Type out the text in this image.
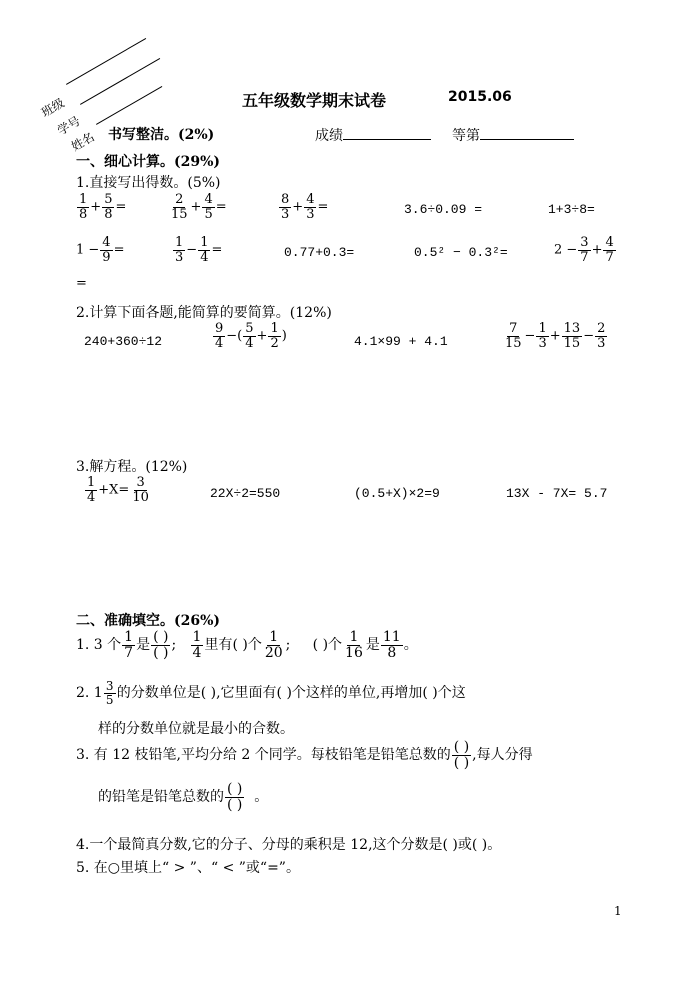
班级
学号
姓名
五年级数学期末试卷	2015.06
书写整洁。(2%)	成绩	等第
一、细心计算。(29%)
1.直接写出得数。(5%)
$\frac{1}{8} + \frac{5}{8}$ =	$\frac{2}{15} + \frac{4}{5}$ =	$\frac{8}{3} + \frac{4}{3}$ =	3.6÷0.09 =	1+3÷8=
$1 - \frac{4}{9}$ =	$\frac{1}{3} - \frac{1}{4}$ =	0.77+0.3=	0.5² − 0.3²=	$2 - \frac{3}{7} + \frac{4}{7}$
=
2.计算下面各题,能简算的要简算。(12%)
240+360÷12	$\frac{9}{4}$ −( $\frac{5}{4} + \frac{1}{2}$ )	4.1×99 + 4.1	$\frac{7}{15} - \frac{1}{3} + \frac{13}{15} - \frac{2}{3}$
3.解方程。(12%)
$\frac{1}{4} +X= \frac{3}{10}$	22X÷2=550	(0.5+X)×2=9	13X - 7X= 5.7
二、准确填空。(26%)
1. 3 个 $\frac{1}{7}$ 是
( )
( ) ; $\frac{1}{4}$ 里有( )个 $\frac{1}{20}$ ; ( )个 $\frac{1}{16}$ 是 $\frac{11}{8}$ 。
2. $1 \frac{3}{5}$ 的分数单位是( ),它里面有( )个这样的单位,再增加( )个这
样的分数单位就是最小的合数。
3. 有 12 枝铅笔,平均分给 2 个同学。每枝铅笔是铅笔总数的
( )
( ) ,每人分得
的铅笔是铅笔总数的
( )
( ) 。
4.一个最简真分数,它的分子、分母的乘积是 12,这个分数是( )或( )。
5. 在○里填上“ > ”、“ < ”或“=”。
1
